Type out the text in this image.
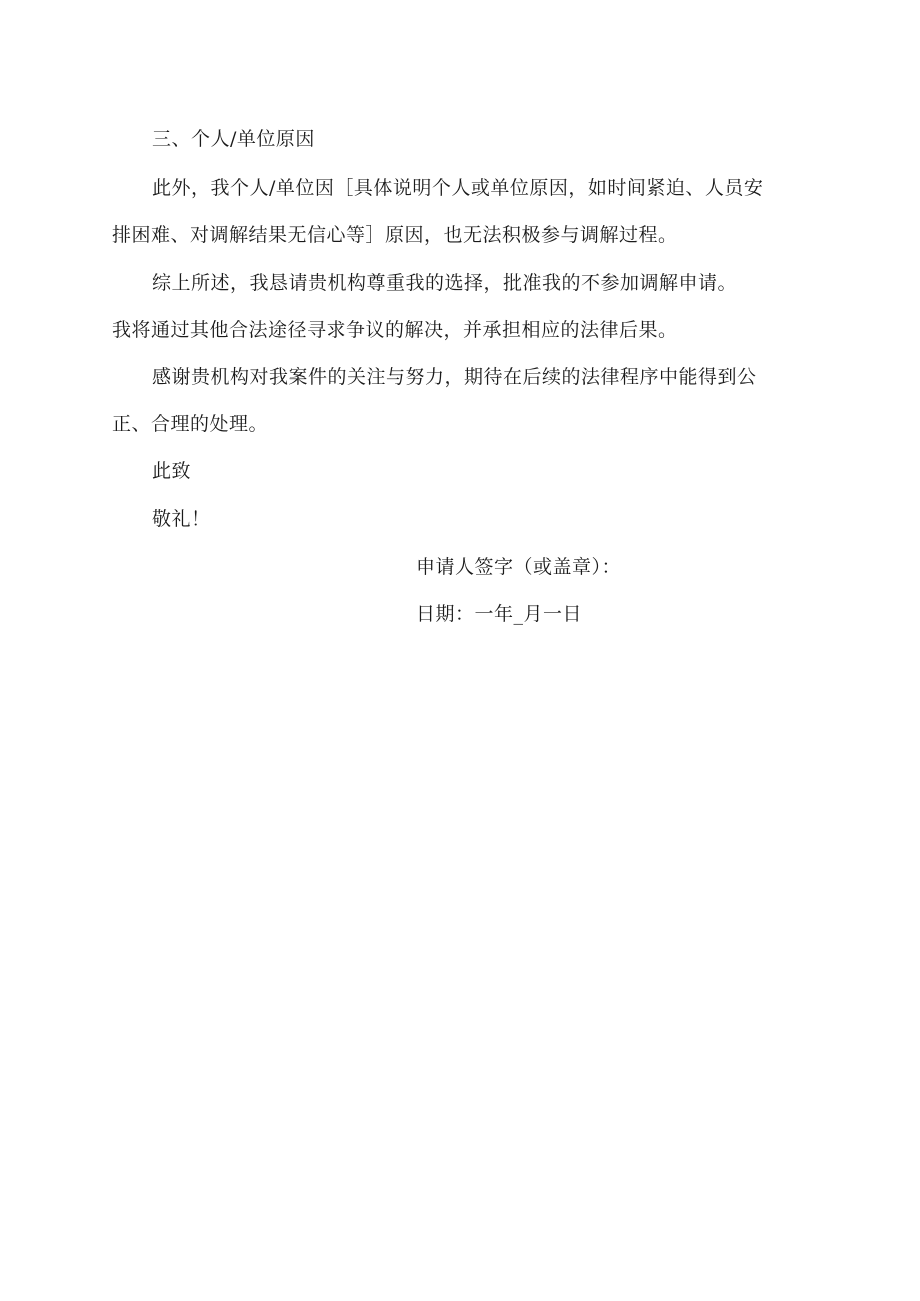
三、个人/单位原因
此外，我个人/单位因［具体说明个人或单位原因，如时间紧迫、人员安
排困难、对调解结果无信心等］原因，也无法积极参与调解过程。
综上所述，我恳请贵机构尊重我的选择，批准我的不参加调解申请。
我将通过其他合法途径寻求争议的解决，并承担相应的法律后果。
感谢贵机构对我案件的关注与努力，期待在后续的法律程序中能得到公
正、合理的处理。
此致
敬礼！
申请人签字（或盖章）：
日期：一年_月一日
